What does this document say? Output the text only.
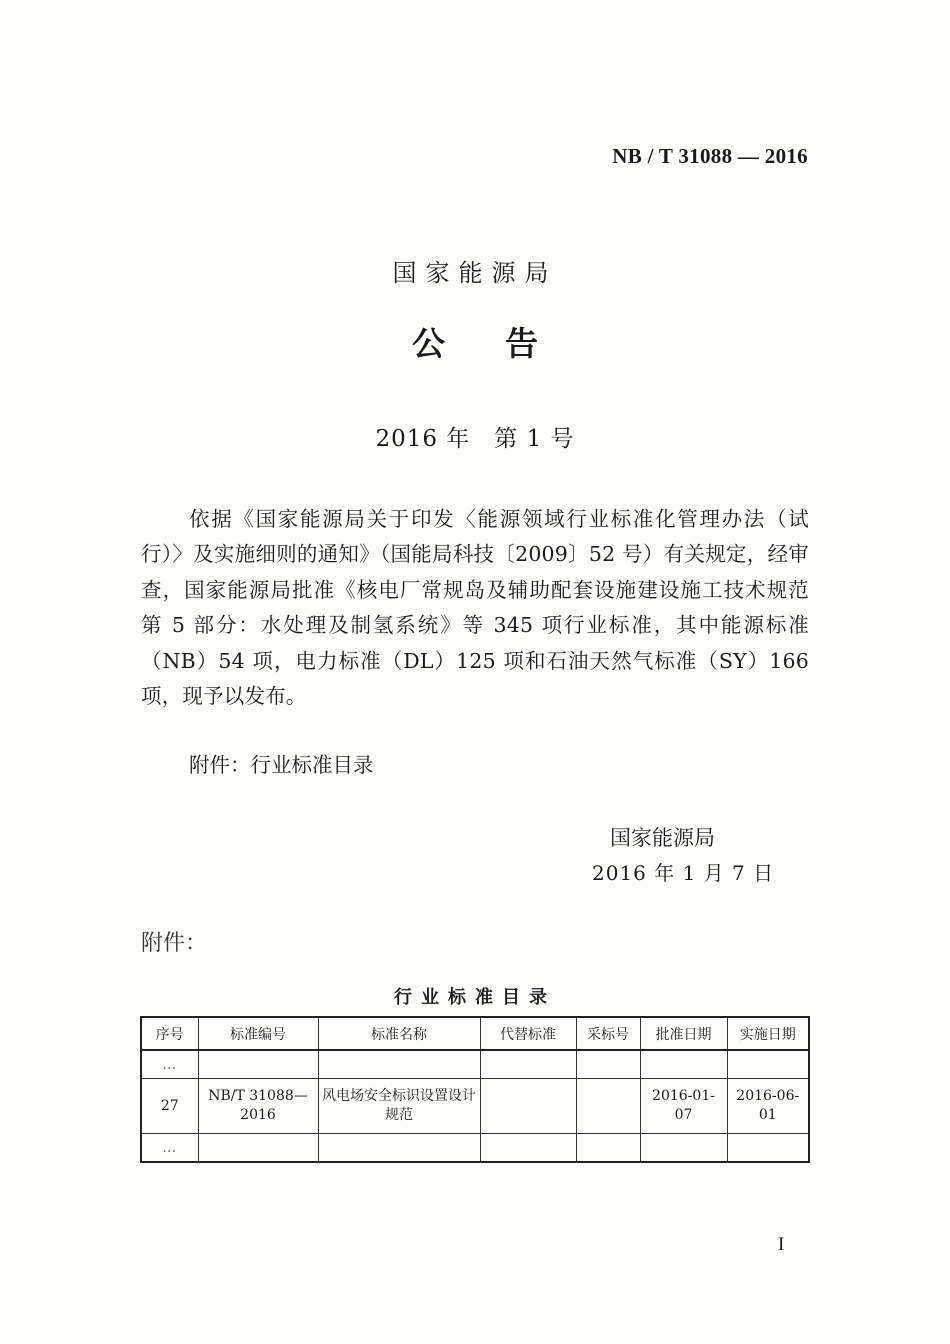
NB / T 31088 — 2016
国家能源局
公 告
2016 年　第 1 号
依据《国家能源局关于印发〈能源领域行业标准化管理办法（试行）〉及实施细则的通知》（国能局科技〔2009〕52 号）有关规定，经审查，国家能源局批准《核电厂常规岛及辅助配套设施建设施工技术规范　第 5 部分：水处理及制氢系统》等 345 项行业标准，其中能源标准（NB）54 项，电力标准（DL）125 项和石油天然气标准（SY）166 项，现予以发布。
附件：行业标准目录
国家能源局
2016 年 1 月 7 日
附件：
行业标准目录
序号	标准编号	标准名称	代替标准	采标号	批准日期	实施日期
…						
27	NB/T 31088—2016	风电场安全标识设置设计规范			2016-01-07	2016-06-01
…						
I
